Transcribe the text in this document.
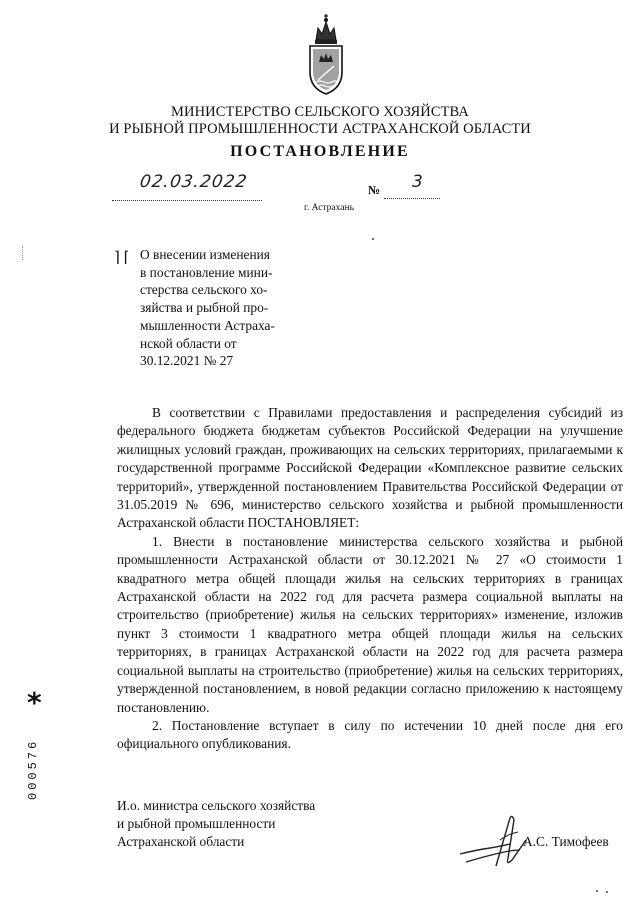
МИНИСТЕРСТВО СЕЛЬСКОГО ХОЗЯЙСТВА
И РЫБНОЙ ПРОМЫШЛЕННОСТИ АСТРАХАНСКОЙ ОБЛАСТИ
ПОСТАНОВЛЕНИЕ
02.03.2022	№ 3
г. Астрахань
⌉ ⌈ О внесении изменения
в постановление мини-
стерства сельского хо-
зяйства и рыбной про-
мышленности Астраха-
нской области от
30.12.2021 № 27

В соответствии с Правилами предоставления и распределения субсидий из федерального бюджета бюджетам субъектов Российской Федерации на улучшение жилищных условий граждан, проживающих на сельских территориях, прилагаемыми к государственной программе Российской Федерации «Комплексное развитие сельских территорий», утвержденной постановлением Правительства Российской Федерации от 31.05.2019 № 696, министерство сельского хозяйства и рыбной промышленности Астраханской области ПОСТАНОВЛЯЕТ:

1. Внести в постановление министерства сельского хозяйства и рыбной промышленности Астраханской области от 30.12.2021 № 27 «О стоимости 1 квадратного метра общей площади жилья на сельских территориях в границах Астраханской области на 2022 год для расчета размера социальной выплаты на строительство (приобретение) жилья на сельских территориях» изменение, изложив пункт 3 стоимости 1 квадратного метра общей площади жилья на сельских территориях, в границах Астраханской области на 2022 год для расчета размера социальной выплаты на строительство (приобретение) жилья на сельских территориях, утвержденной постановлением, в новой редакции согласно приложению к настоящему постановлению.

2. Постановление вступает в силу по истечении 10 дней после дня его официального опубликования.

И.о. министра сельского хозяйства
и рыбной промышленности
Астраханской области	А.С. Тимофеев
*
000576
